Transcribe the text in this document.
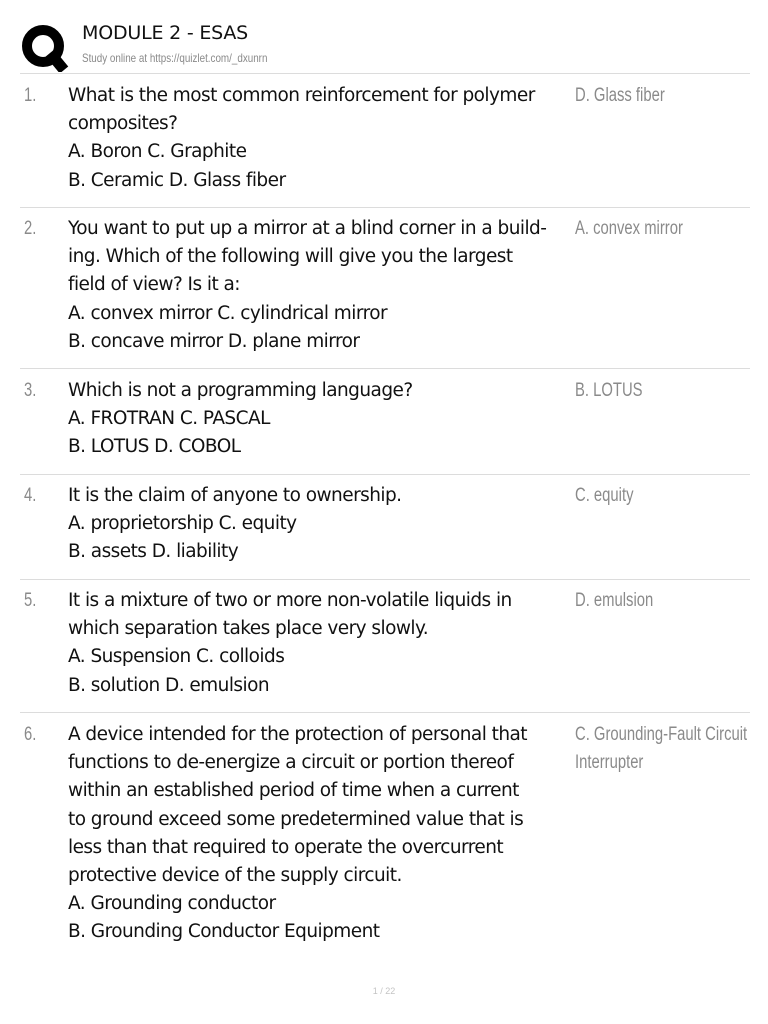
MODULE 2 - ESAS
Study online at https://quizlet.com/_dxunrn
1. What is the most common reinforcement for polymer
composites?
A. Boron C. Graphite
B. Ceramic D. Glass fiber
D. Glass fiber
2. You want to put up a mirror at a blind corner in a build-
ing. Which of the following will give you the largest
field of view? Is it a:
A. convex mirror C. cylindrical mirror
B. concave mirror D. plane mirror
A. convex mirror
3. Which is not a programming language?
A. FROTRAN C. PASCAL
B. LOTUS D. COBOL
B. LOTUS
4. It is the claim of anyone to ownership.
A. proprietorship C. equity
B. assets D. liability
C. equity
5. It is a mixture of two or more non-volatile liquids in
which separation takes place very slowly.
A. Suspension C. colloids
B. solution D. emulsion
D. emulsion
6. A device intended for the protection of personal that
functions to de-energize a circuit or portion thereof
within an established period of time when a current
to ground exceed some predetermined value that is
less than that required to operate the overcurrent
protective device of the supply circuit.
A. Grounding conductor
B. Grounding Conductor Equipment
C. Grounding-Fault Circuit
Interrupter
1 / 22
